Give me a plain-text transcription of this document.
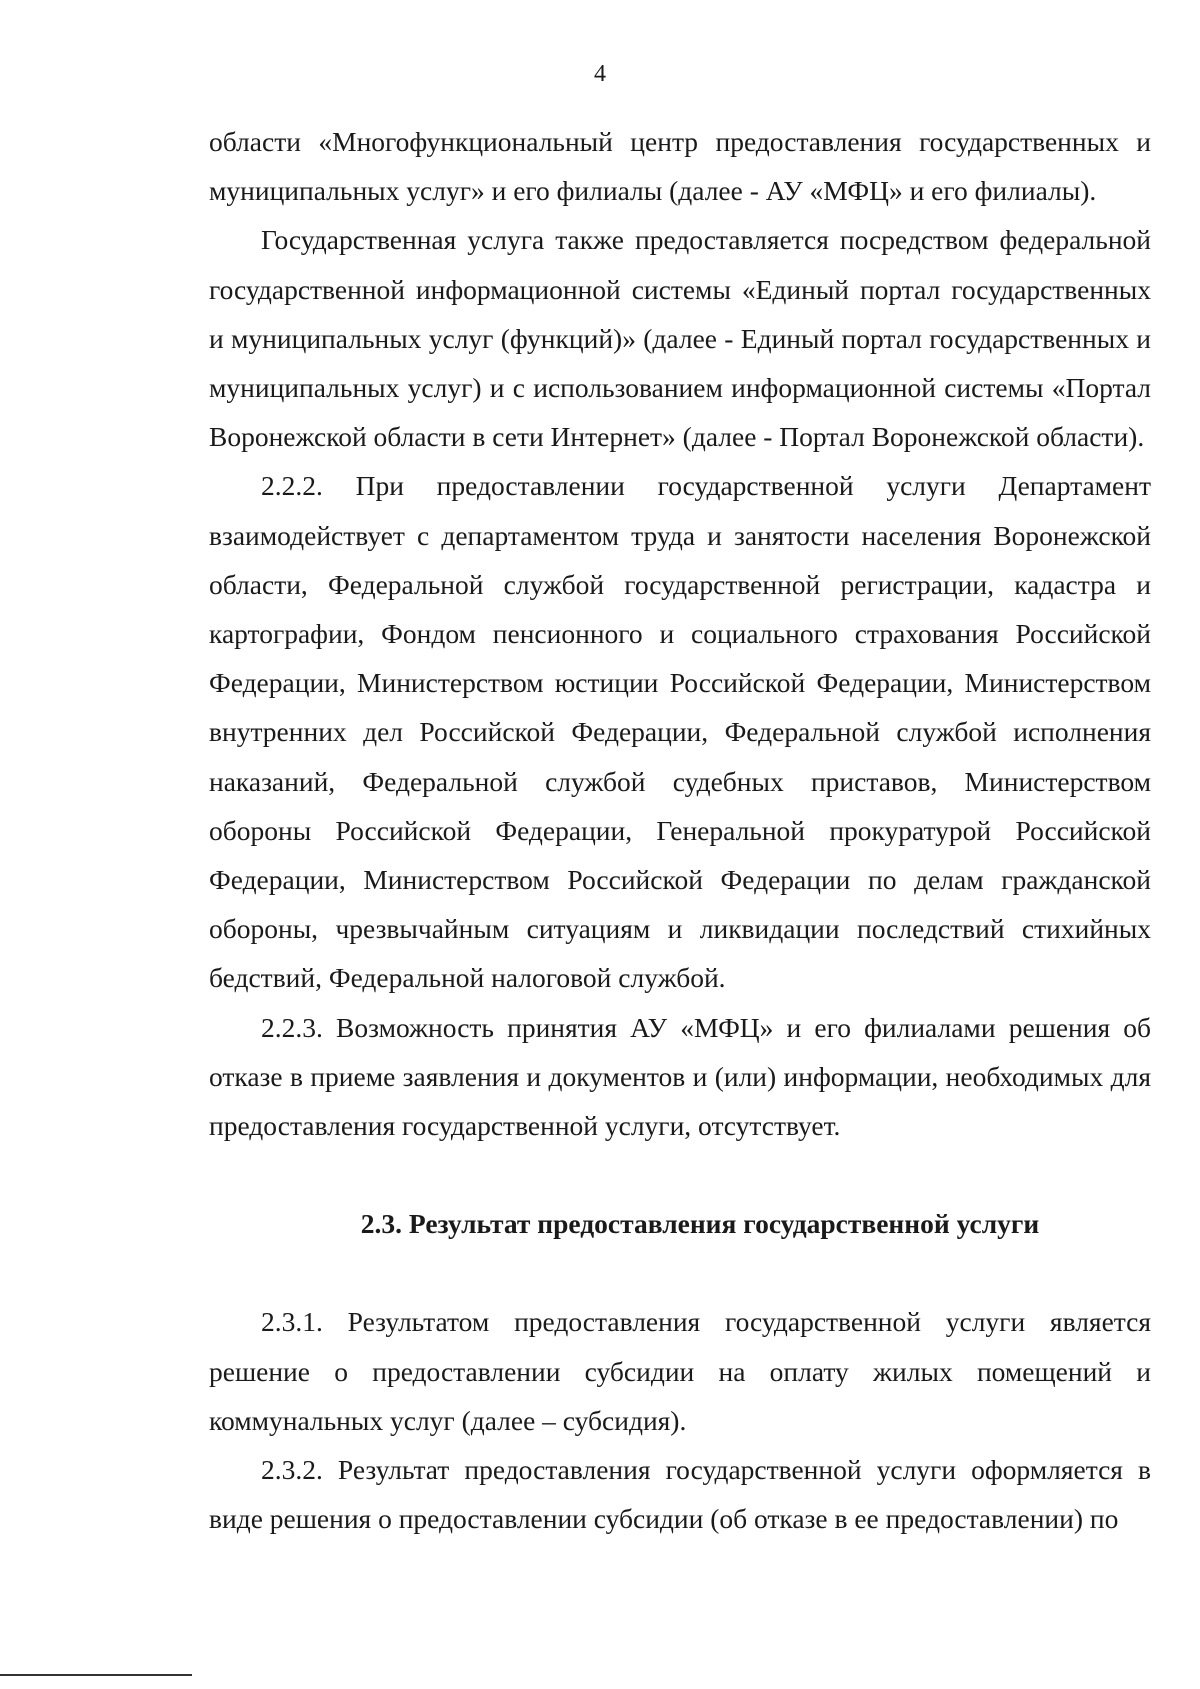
4

области «Многофункциональный центр предоставления государственных и муниципальных услуг» и его филиалы (далее - АУ «МФЦ» и его филиалы).

Государственная услуга также предоставляется посредством федеральной государственной информационной системы «Единый портал государственных и муниципальных услуг (функций)» (далее - Единый портал государственных и муниципальных услуг) и с использованием информационной системы «Портал Воронежской области в сети Интернет» (далее - Портал Воронежской области).

2.2.2. При предоставлении государственной услуги Департамент взаимодействует с департаментом труда и занятости населения Воронежской области, Федеральной службой государственной регистрации, кадастра и картографии, Фондом пенсионного и социального страхования Российской Федерации, Министерством юстиции Российской Федерации, Министерством внутренних дел Российской Федерации, Федеральной службой исполнения наказаний, Федеральной службой судебных приставов, Министерством обороны Российской Федерации, Генеральной прокуратурой Российской Федерации, Министерством Российской Федерации по делам гражданской обороны, чрезвычайным ситуациям и ликвидации последствий стихийных бедствий, Федеральной налоговой службой.

2.2.3. Возможность принятия АУ «МФЦ» и его филиалами решения об отказе в приеме заявления и документов и (или) информации, необходимых для предоставления государственной услуги, отсутствует.

2.3. Результат предоставления государственной услуги

2.3.1. Результатом предоставления государственной услуги является решение о предоставлении субсидии на оплату жилых помещений и коммунальных услуг (далее – субсидия).

2.3.2. Результат предоставления государственной услуги оформляется в виде решения о предоставлении субсидии (об отказе в ее предоставлении) по
